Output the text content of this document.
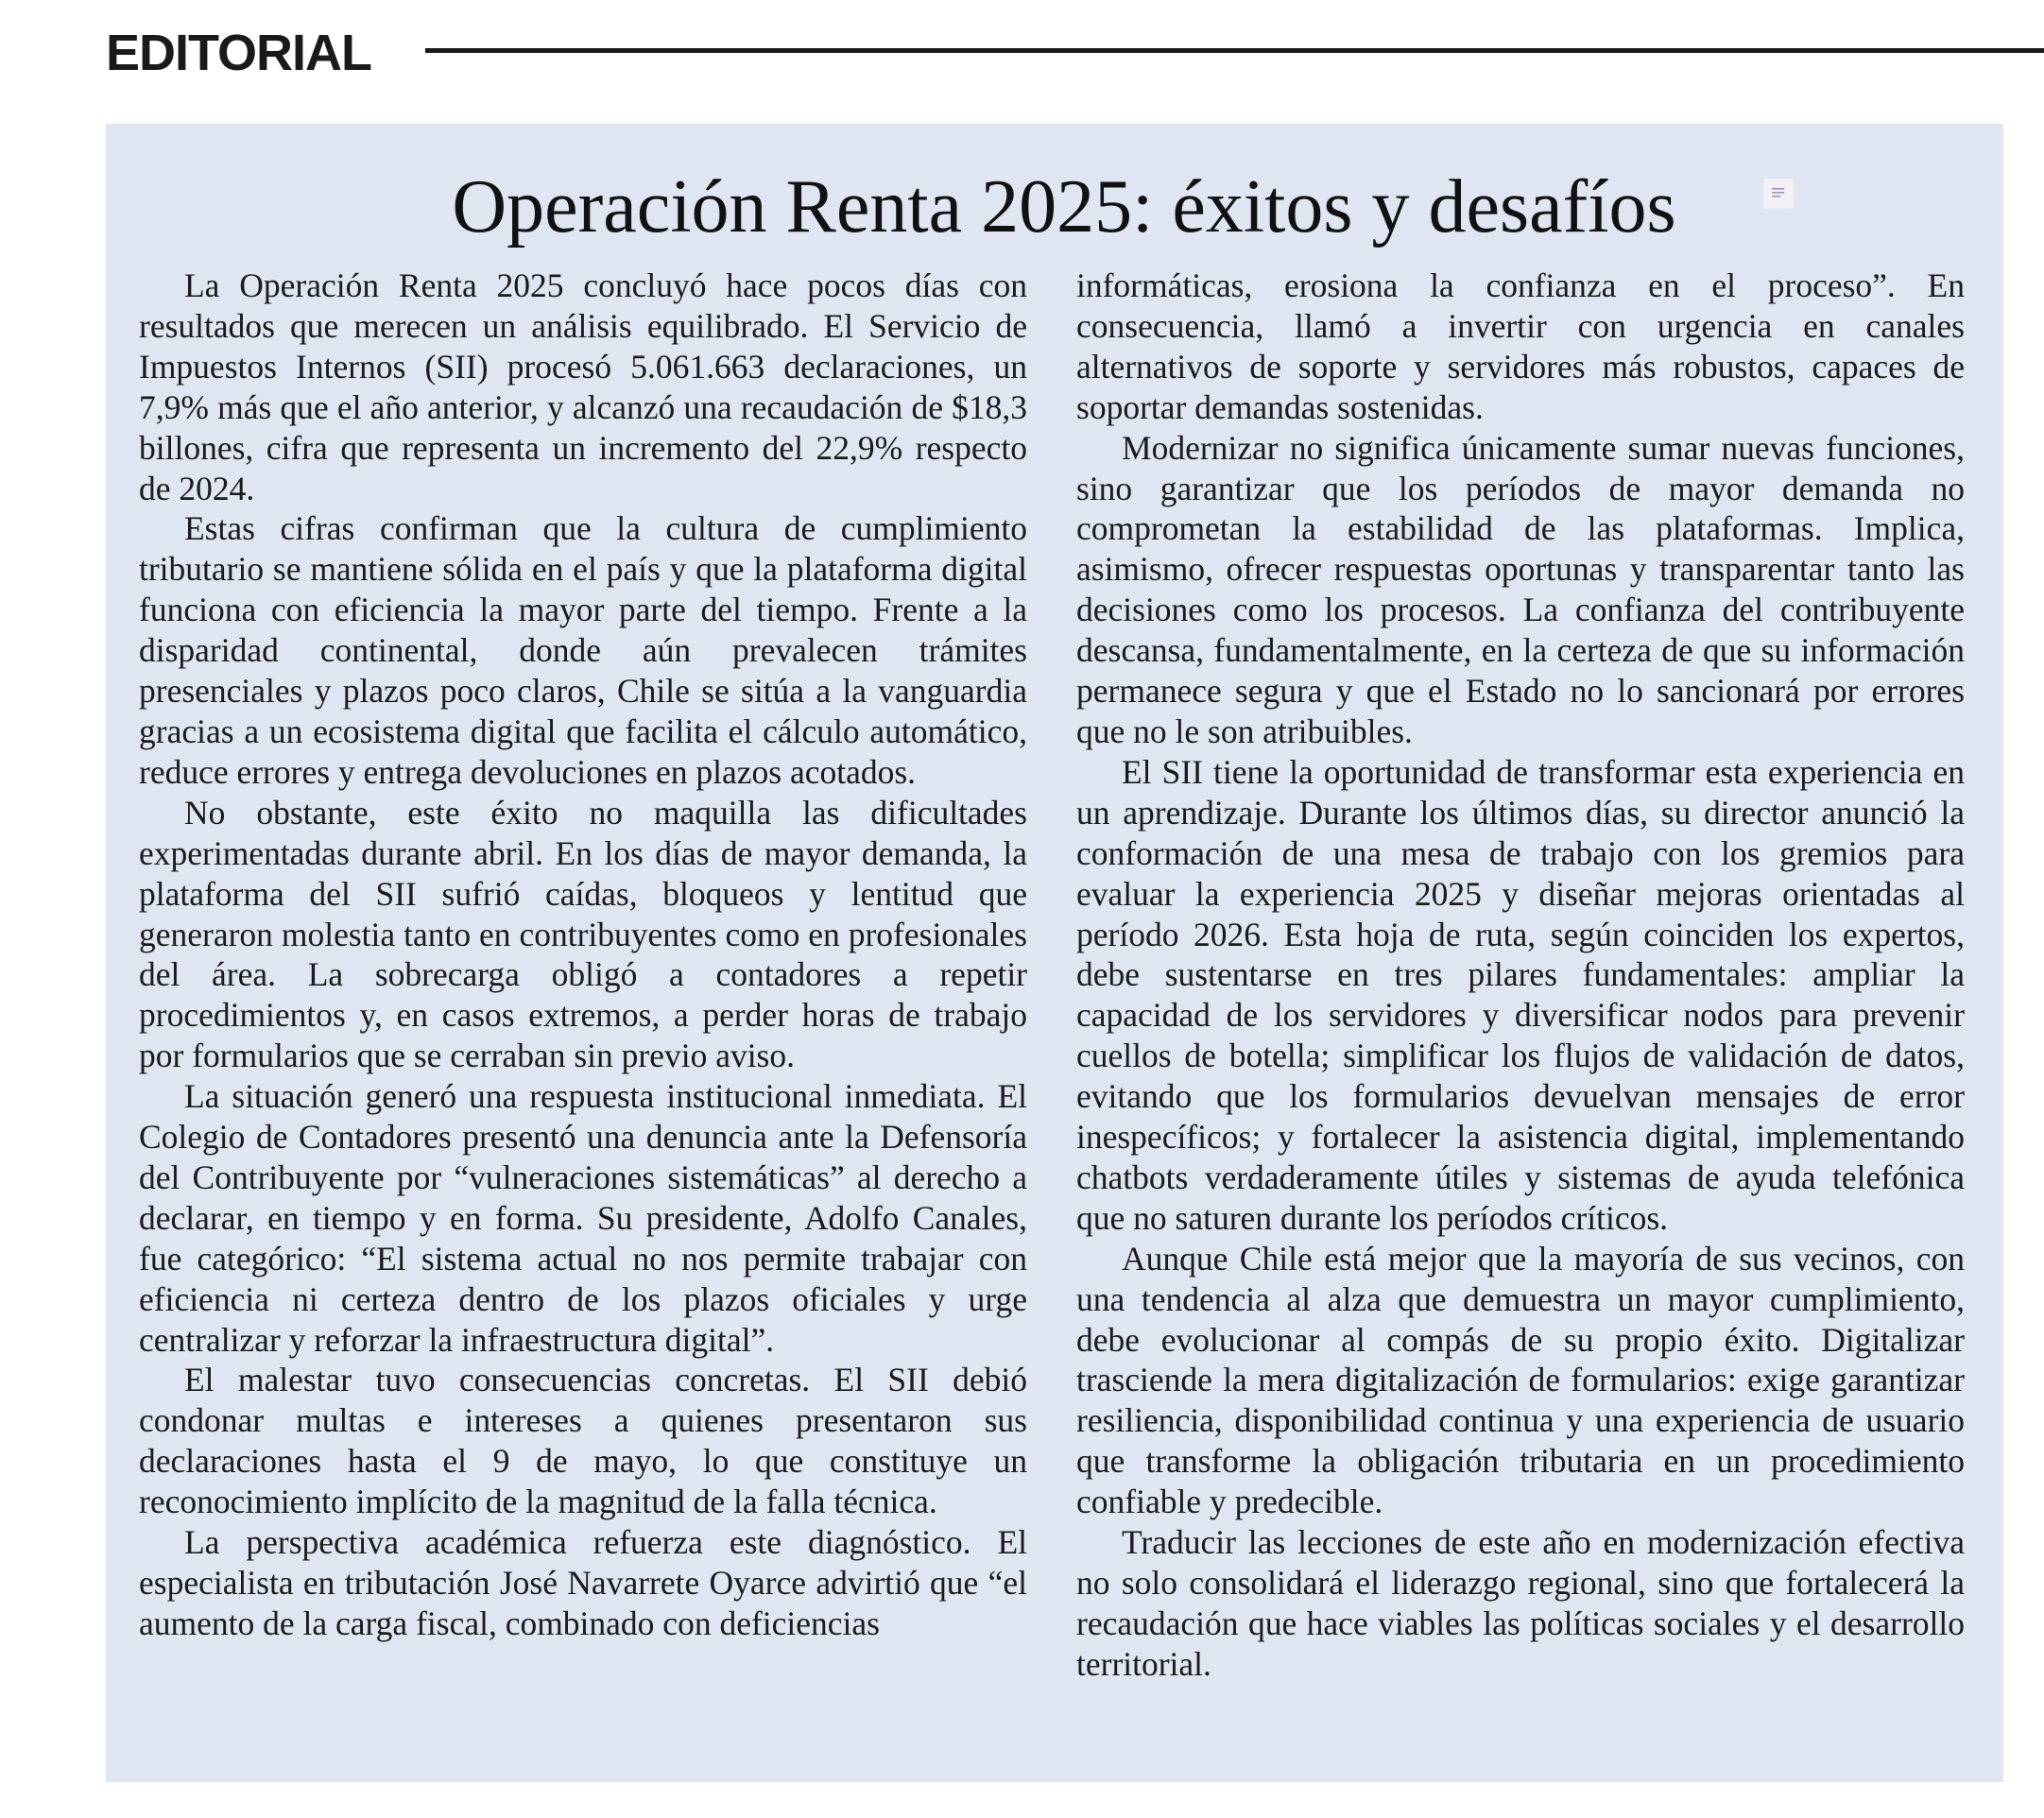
EDITORIAL
Operación Renta 2025: éxitos y desafíos

La Operación Renta 2025 concluyó hace pocos días con resultados que merecen un análisis equilibrado. El Servicio de Impuestos Internos (SII) procesó 5.061.663 declaraciones, un 7,9% más que el año anterior, y alcanzó una recaudación de $18,3 billones, cifra que representa un incremento del 22,9% respecto de 2024.

Estas cifras confirman que la cultura de cumplimiento tributario se mantiene sólida en el país y que la plataforma digital funciona con eficiencia la mayor parte del tiempo. Frente a la disparidad continental, donde aún prevalecen trámites presenciales y plazos poco claros, Chile se sitúa a la vanguardia gracias a un ecosistema digital que facilita el cálculo automático, reduce errores y entrega devoluciones en plazos acotados.

No obstante, este éxito no maquilla las dificultades experimentadas durante abril. En los días de mayor demanda, la plataforma del SII sufrió caídas, bloqueos y lentitud que generaron molestia tanto en contribuyentes como en profesionales del área. La sobrecarga obligó a contadores a repetir procedimientos y, en casos extremos, a perder horas de trabajo por formularios que se cerraban sin previo aviso.

La situación generó una respuesta institucional inmediata. El Colegio de Contadores presentó una denuncia ante la Defensoría del Contribuyente por “vulneraciones sistemáticas” al derecho a declarar, en tiempo y en forma. Su presidente, Adolfo Canales, fue categórico: “El sistema actual no nos permite trabajar con eficiencia ni certeza dentro de los plazos oficiales y urge centralizar y reforzar la infraestructura digital”.

El malestar tuvo consecuencias concretas. El SII debió condonar multas e intereses a quienes presentaron sus declaraciones hasta el 9 de mayo, lo que constituye un reconocimiento implícito de la magnitud de la falla técnica.

La perspectiva académica refuerza este diagnóstico. El especialista en tributación José Navarrete Oyarce advirtió que “el aumento de la carga fiscal, combinado con deficiencias

informáticas, erosiona la confianza en el proceso”. En consecuencia, llamó a invertir con urgencia en canales alternativos de soporte y servidores más robustos, capaces de soportar demandas sostenidas.

Modernizar no significa únicamente sumar nuevas funciones, sino garantizar que los períodos de mayor demanda no comprometan la estabilidad de las plataformas. Implica, asimismo, ofrecer respuestas oportunas y transparentar tanto las decisiones como los procesos. La confianza del contribuyente descansa, fundamentalmente, en la certeza de que su información permanece segura y que el Estado no lo sancionará por errores que no le son atribuibles.

El SII tiene la oportunidad de transformar esta experiencia en un aprendizaje. Durante los últimos días, su director anunció la conformación de una mesa de trabajo con los gremios para evaluar la experiencia 2025 y diseñar mejoras orientadas al período 2026. Esta hoja de ruta, según coinciden los expertos, debe sustentarse en tres pilares fundamentales: ampliar la capacidad de los servidores y diversificar nodos para prevenir cuellos de botella; simplificar los flujos de validación de datos, evitando que los formularios devuelvan mensajes de error inespecíficos; y fortalecer la asistencia digital, implementando chatbots verdaderamente útiles y sistemas de ayuda telefónica que no saturen durante los períodos críticos.

Aunque Chile está mejor que la mayoría de sus vecinos, con una tendencia al alza que demuestra un mayor cumplimiento, debe evolucionar al compás de su propio éxito. Digitalizar trasciende la mera digitalización de formularios: exige garantizar resiliencia, disponibilidad continua y una experiencia de usuario que transforme la obligación tributaria en un procedimiento confiable y predecible.

Traducir las lecciones de este año en modernización efectiva no solo consolidará el liderazgo regional, sino que fortalecerá la recaudación que hace viables las políticas sociales y el desarrollo territorial.
